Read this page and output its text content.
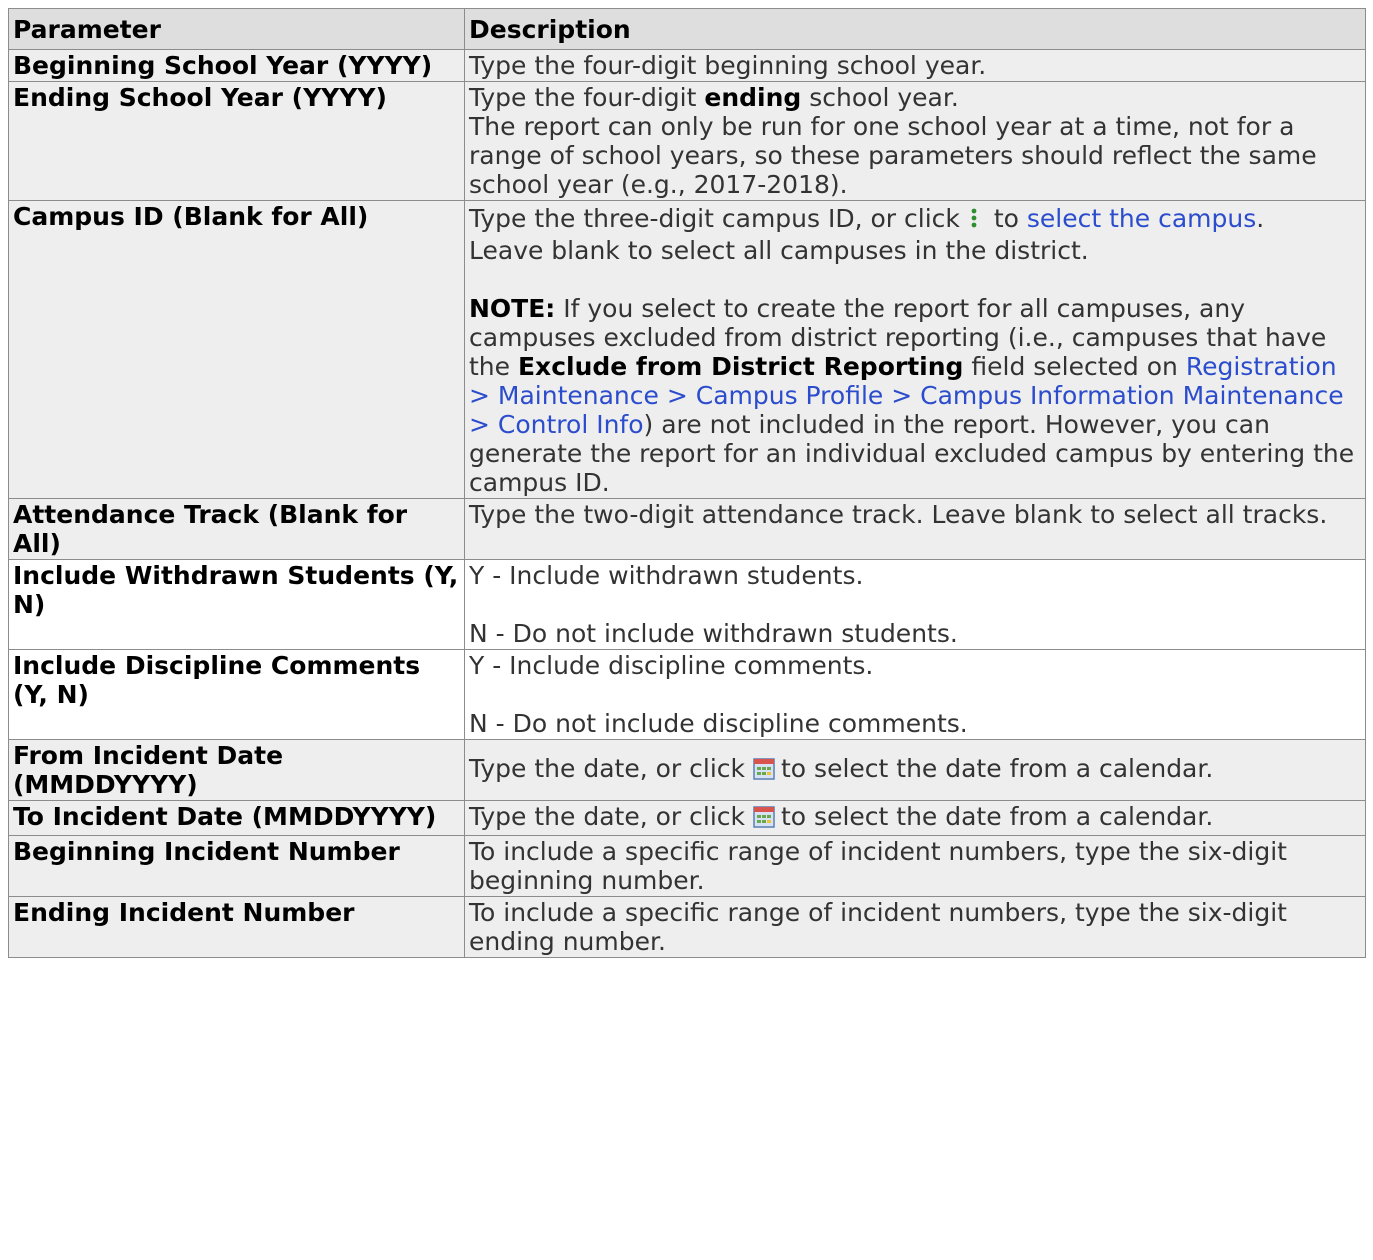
Parameter	Description
Beginning School Year (YYYY)	Type the four-digit beginning school year.
Ending School Year (YYYY)	Type the four-digit ending school year.
The report can only be run for one school year at a time, not for a range of school years, so these parameters should reflect the same school year (e.g., 2017-2018).

Campus ID (Blank for All)	Type the three-digit campus ID, or click to select the campus.
Leave blank to select all campuses in the district.
NOTE: If you select to create the report for all campuses, any campuses excluded from district reporting (i.e., campuses that have the Exclude from District Reporting field selected on Registration > Maintenance > Campus Profile > Campus Information Maintenance > Control Info) are not included in the report. However, you can generate the report for an individual excluded campus by entering the campus ID.

Attendance Track (Blank for All)	Type the two-digit attendance track. Leave blank to select all tracks.
Include Withdrawn Students (Y, N)	Y - Include withdrawn students.
N - Do not include withdrawn students.

Include Discipline Comments (Y, N)	Y - Include discipline comments.
N - Do not include discipline comments.

From Incident Date (MMDDYYYY)	Type the date, or click to select the date from a calendar.
To Incident Date (MMDDYYYY)	Type the date, or click to select the date from a calendar.
Beginning Incident Number	To include a specific range of incident numbers, type the six-digit beginning number.
Ending Incident Number	To include a specific range of incident numbers, type the six-digit ending number.
